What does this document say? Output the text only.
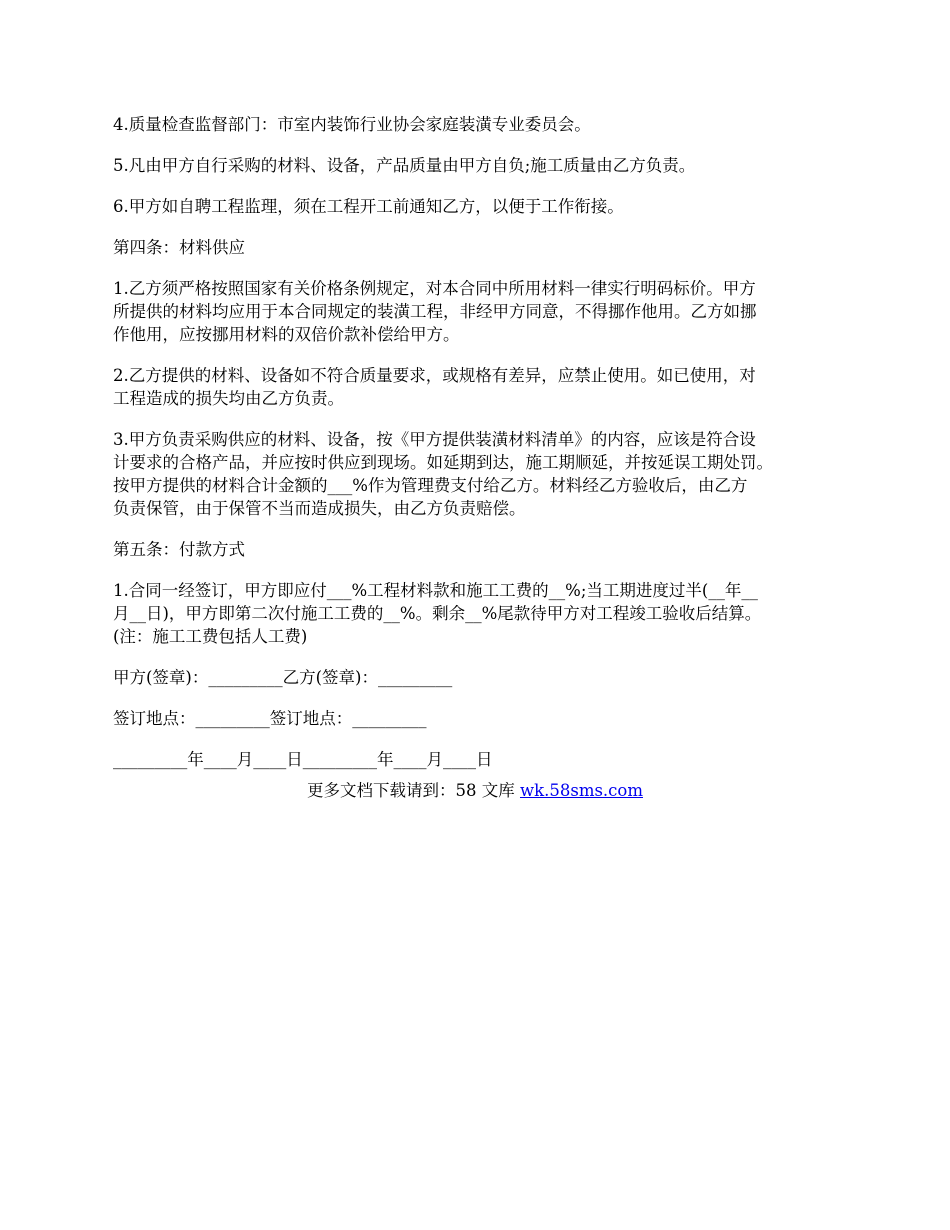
4.质量检查监督部门：市室内装饰行业协会家庭装潢专业委员会。

5.凡由甲方自行采购的材料、设备，产品质量由甲方自负;施工质量由乙方负责。

6.甲方如自聘工程监理，须在工程开工前通知乙方，以便于工作衔接。

第四条：材料供应

1.乙方须严格按照国家有关价格条例规定，对本合同中所用材料一律实行明码标价。甲方
所提供的材料均应用于本合同规定的装潢工程，非经甲方同意，不得挪作他用。乙方如挪
作他用，应按挪用材料的双倍价款补偿给甲方。

2.乙方提供的材料、设备如不符合质量要求，或规格有差异，应禁止使用。如已使用，对
工程造成的损失均由乙方负责。

3.甲方负责采购供应的材料、设备，按《甲方提供装潢材料清单》的内容，应该是符合设
计要求的合格产品，并应按时供应到现场。如延期到达，施工期顺延，并按延误工期处罚。
按甲方提供的材料合计金额的___%作为管理费支付给乙方。材料经乙方验收后，由乙方
负责保管，由于保管不当而造成损失，由乙方负责赔偿。

第五条：付款方式

1.合同一经签订，甲方即应付___%工程材料款和施工工费的__%;当工期进度过半(__年__
月__日)，甲方即第二次付施工工费的__%。剩余__%尾款待甲方对工程竣工验收后结算。
(注：施工工费包括人工费)

甲方(签章)：_________乙方(签章)：_________

签订地点：_________签订地点：_________

_________年____月____日_________年____月____日

更多文档下载请到：58 文库 wk.58sms.com
